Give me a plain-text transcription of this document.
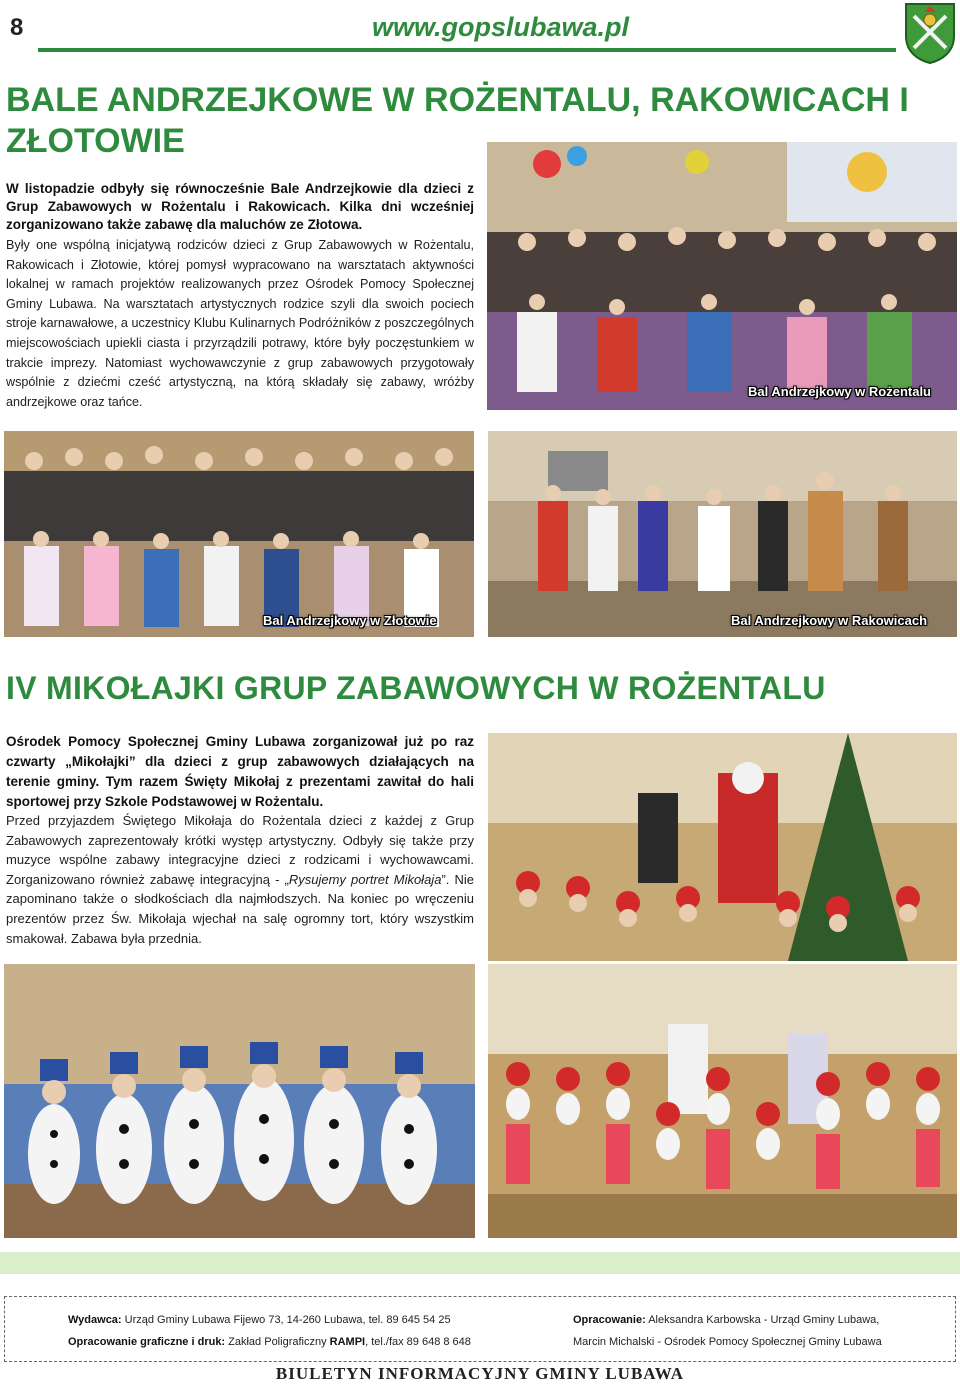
8	www.gopslubawa.pl
BALE ANDRZEJKOWE W ROŻENTALU, RAKOWICACH I ZŁOTOWIE

W listopadzie odbyły się równocześnie Bale Andrzejkowie dla dzieci z Grup Zabawowych w Rożentalu i Rakowicach. Kilka dni wcześniej zorganizowano także zabawę dla maluchów ze Złotowa.

Były one wspólną inicjatywą rodziców dzieci z Grup Zabawowych w Rożentalu, Rakowicach i Złotowie, której pomysł wypracowano na warsztatach aktywności lokalnej w ramach projektów realizowanych przez Ośrodek Pomocy Społecznej Gminy Lubawa. Na warsztatach artystycznych rodzice szyli dla swoich pociech stroje karnawałowe, a uczestnicy Klubu Kulinarnych Podróżników z poszczególnych miejscowościach upiekli ciasta i przyrządzili potrawy, które były poczęstunkiem w trakcie imprezy. Natomiast wychowawczynie z grup zabawowych przygotowały wspólnie z dziećmi cześć artystyczną, na którą składały się zabawy, wróżby andrzejkowe oraz tańce.

Bal Andrzejkowy w Rożentalu
Bal Andrzejkowy w Złotowie	Bal Andrzejkowy w Rakowicach
IV MIKOŁAJKI GRUP ZABAWOWYCH W ROŻENTALU

Ośrodek Pomocy Społecznej Gminy Lubawa zorganizował już po raz czwarty „Mikołajki” dla dzieci z grup zabawowych działających na terenie gminy. Tym razem Święty Mikołaj z prezentami zawitał do hali sportowej przy Szkole Podstawowej w Rożentalu.

Przed przyjazdem Świętego Mikołaja do Rożentala dzieci z każdej z Grup Zabawowych zaprezentowały krótki występ artystyczny. Odbyły się także przy muzyce wspólne zabawy integracyjne dzieci z rodzicami i wychowawcami. Zorganizowano również zabawę integracyjną - „Rysujemy portret Mikołaja”. Nie zapominano także o słodkościach dla najmłodszych. Na koniec po wręczeniu prezentów przez Św. Mikołaja wjechał na salę ogromny tort, który wszystkim smakował. Zabawa była przednia.

Wydawca: Urząd Gminy Lubawa Fijewo 73, 14-260 Lubawa, tel. 89 645 54 25
Opracowanie graficzne i druk: Zakład Poligraficzny RAMPI, tel./fax 89 648 8 648
Opracowanie: Aleksandra Karbowska - Urząd Gminy Lubawa,
Marcin Michalski - Ośrodek Pomocy Społecznej Gminy Lubawa
BIULETYN INFORMACYJNY GMINY LUBAWA
